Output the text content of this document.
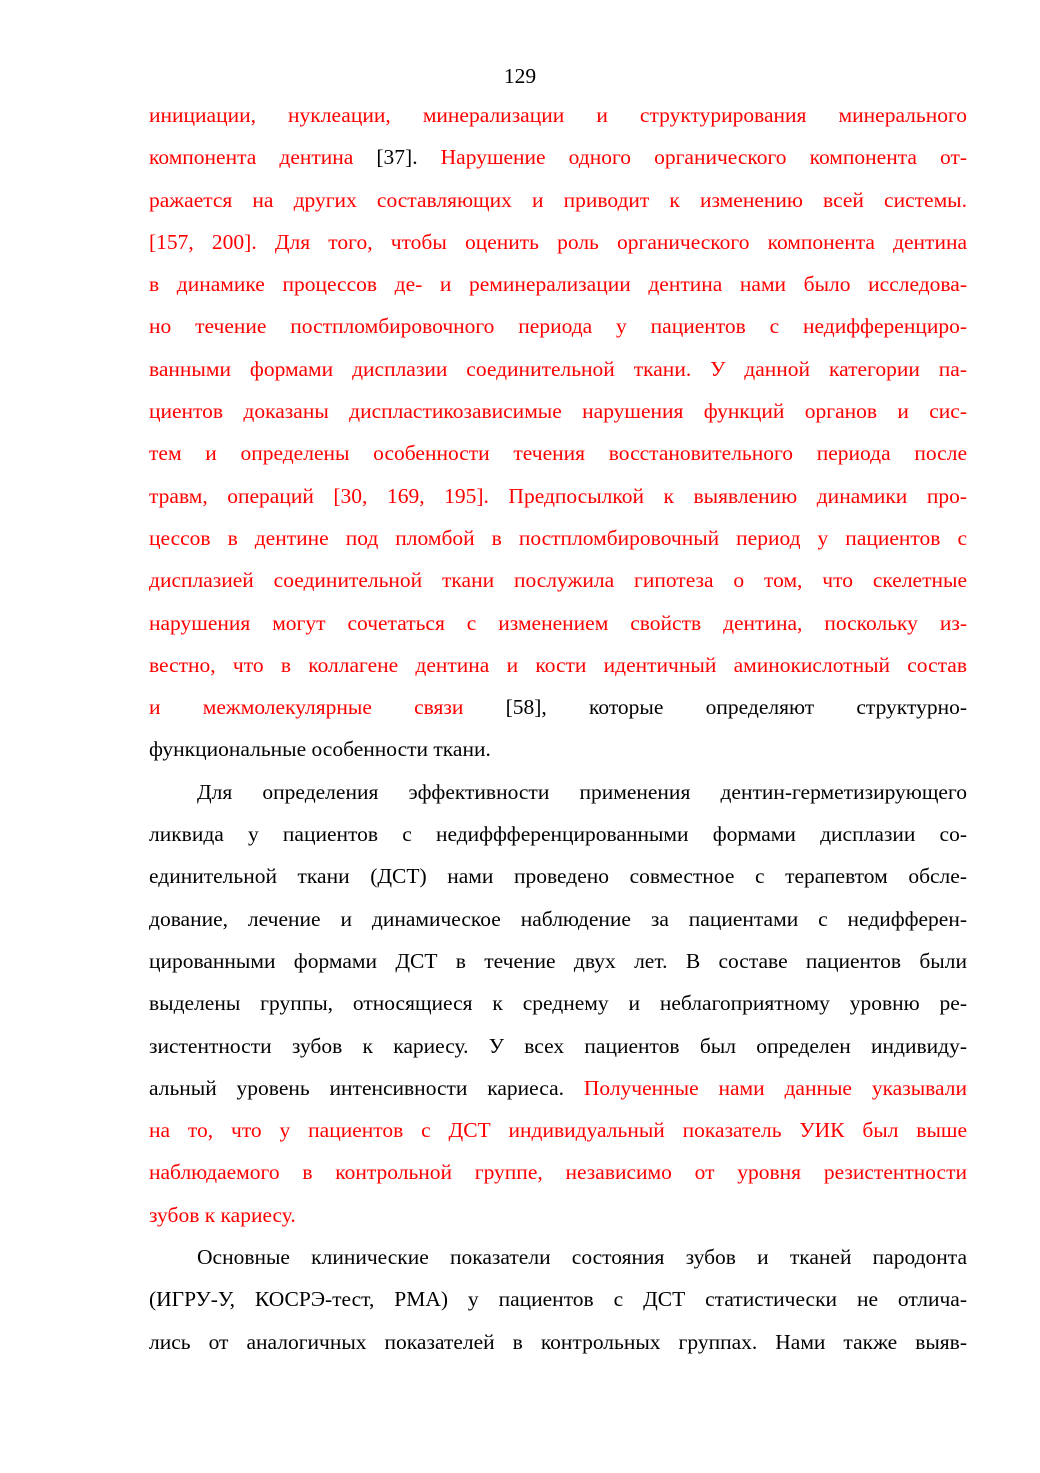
129
инициации, нуклеации, минерализации и структурирования минерального
компонента дентина [37]. Нарушение одного органического компонента от-
ражается на других составляющих и приводит к изменению всей системы.
[157, 200]. Для того, чтобы оценить роль органического компонента дентина
в динамике процессов де- и реминерализации дентина нами было исследова-
но течение постпломбировочного периода у пациентов с недифференциро-
ванными формами дисплазии соединительной ткани. У данной категории па-
циентов доказаны диспластикозависимые нарушения функций органов и сис-
тем и определены особенности течения восстановительного периода после
травм, операций [30, 169, 195]. Предпосылкой к выявлению динамики про-
цессов в дентине под пломбой в постпломбировочный период у пациентов с
дисплазией соединительной ткани послужила гипотеза о том, что скелетные
нарушения могут сочетаться с изменением свойств дентина, поскольку из-
вестно, что в коллагене дентина и кости идентичный аминокислотный состав
и межмолекулярные связи [58], которые определяют структурно-
функциональные особенности ткани.
Для определения эффективности применения дентин-герметизирующего
ликвида у пациентов с недифффеpенцированными формами дисплазии со-
единительной ткани (ДСТ) нами проведено совместное с терапевтом обсле-
дование, лечение и динамическое наблюдение за пациентами с недифферен-
цированными формами ДСТ в течение двух лет. В составе пациентов были
выделены группы, относящиеся к среднему и неблагоприятному уровню ре-
зистентности зубов к кариесу. У всех пациентов был определен индивиду-
альный уровень интенсивности кариеса. Полученные нами данные указывали
на то, что у пациентов с ДСТ индивидуальный показатель УИК был выше
наблюдаемого в контрольной группе, независимо от уровня резистентности
зубов к кариесу.
Основные клинические показатели состояния зубов и тканей пародонта
(ИГРУ-У, КОСРЭ-тест, РМА) у пациентов с ДСТ статистически не отлича-
лись от аналогичных показателей в контрольных группах. Нами также выяв-
